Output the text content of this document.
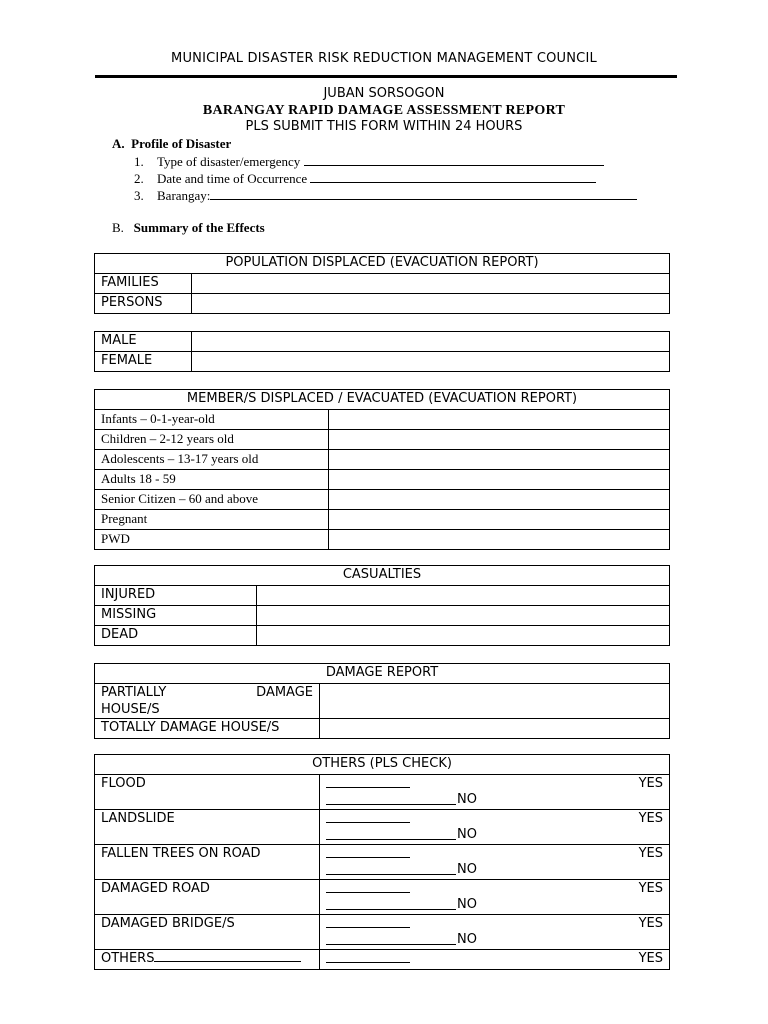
MUNICIPAL DISASTER RISK REDUCTION MANAGEMENT COUNCIL
JUBAN SORSOGON
BARANGAY RAPID DAMAGE ASSESSMENT REPORT
PLS SUBMIT THIS FORM WITHIN 24 HOURS
A. Profile of Disaster
1. Type of disaster/emergency
2. Date and time of Occurrence
3. Barangay:
B. Summary of the Effects
POPULATION DISPLACED (EVACUATION REPORT)	
FAMILIES	
PERSONS	
MALE	
FEMALE	
MEMBER/S DISPLACED / EVACUATED (EVACUATION REPORT)	
Infants – 0-1-year-old	
Children – 2-12 years old	
Adolescents – 13-17 years old	
Adults 18 - 59	
Senior Citizen – 60 and above	
Pregnant	
PWD	
CASUALTIES	
INJURED	
MISSING	
DEAD	
DAMAGE REPORT	

PARTIALLY DAMAGE
HOUSE/S	

TOTALLY DAMAGE HOUSE/S	
OTHERS (PLS CHECK)	
FLOOD	YES
NO

LANDSLIDE	YES
NO

FALLEN TREES ON ROAD	YES
NO

DAMAGED ROAD	YES
NO

DAMAGED BRIDGE/S	YES
NO

OTHERS	YES
